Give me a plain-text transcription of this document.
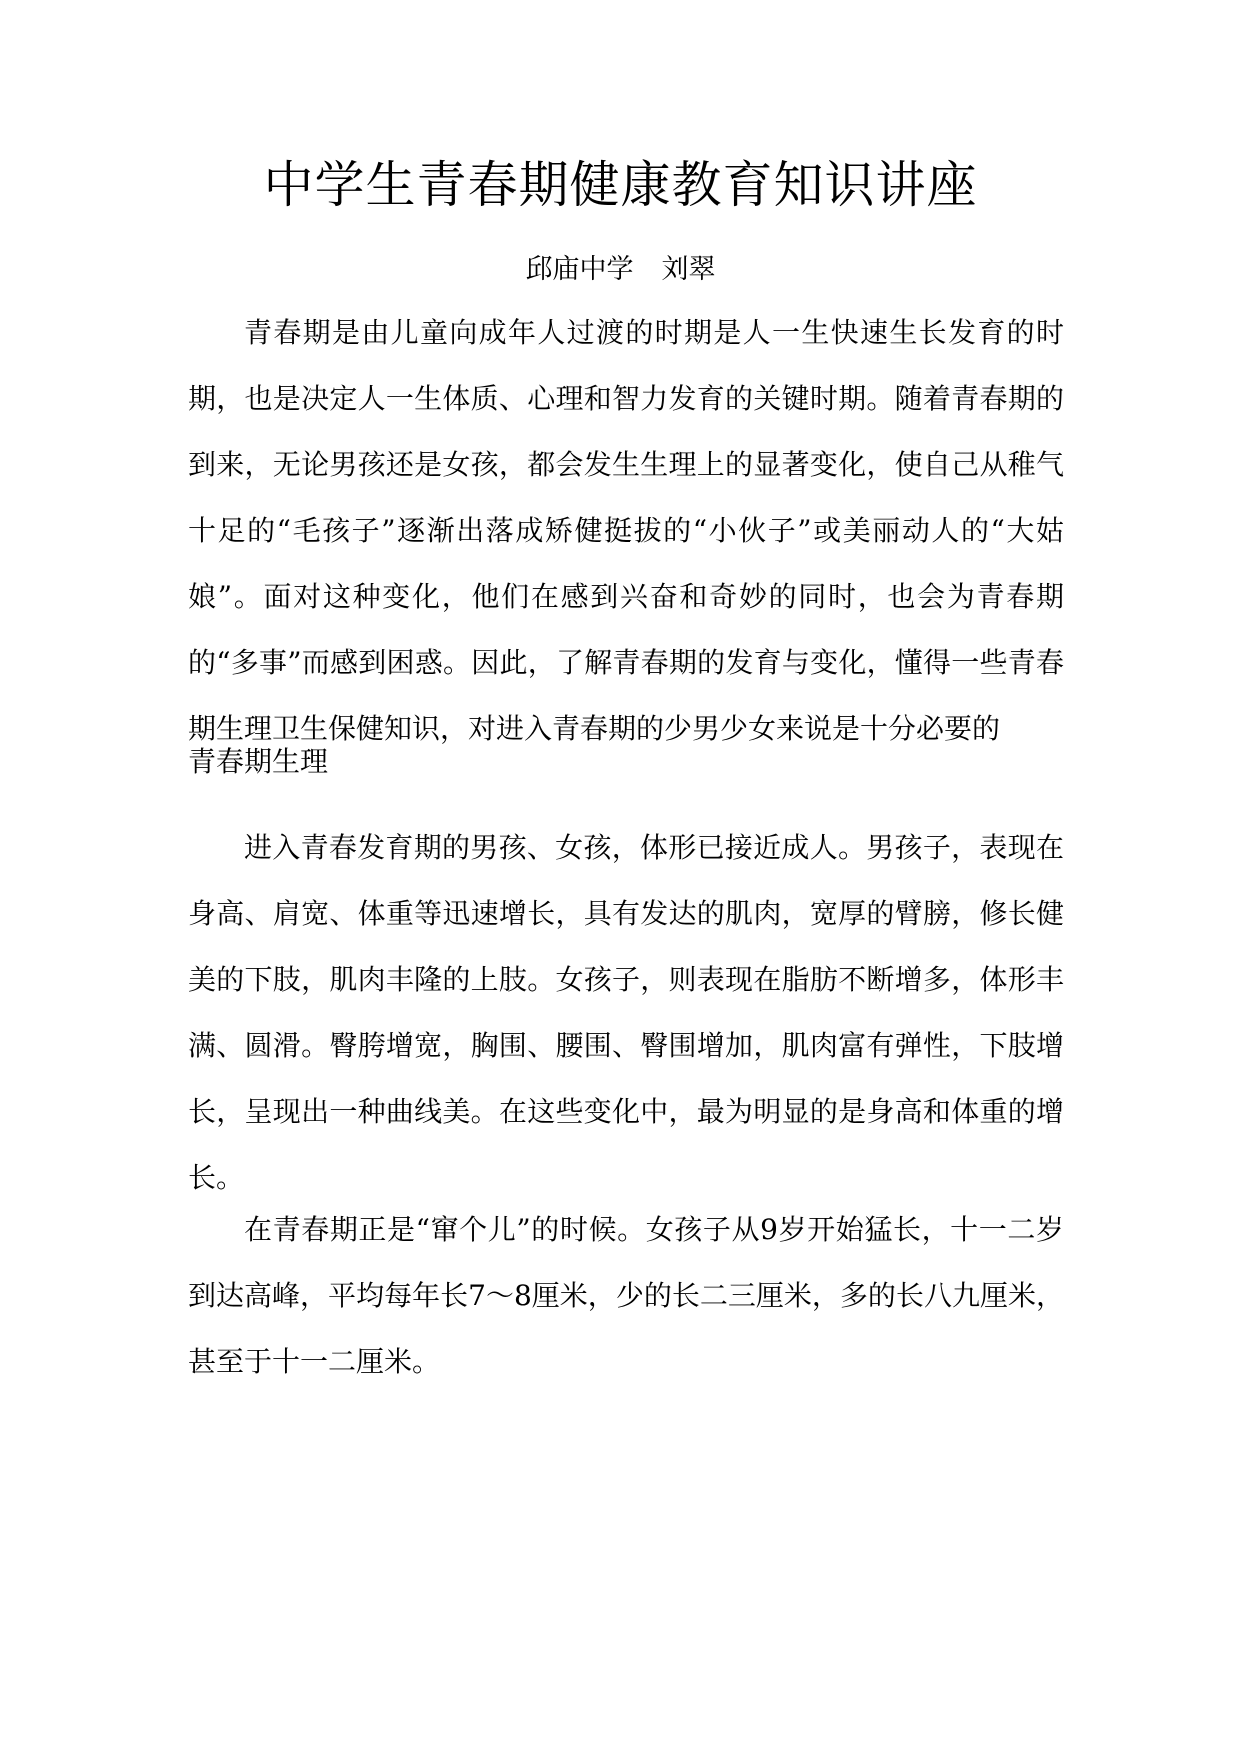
中学生青春期健康教育知识讲座

邱庙中学 刘翠

青春期是由儿童向成年人过渡的时期是人一生快速生长发育的时期，也是决定人一生体质、心理和智力发育的关键时期。随着青春期的到来，无论男孩还是女孩，都会发生生理上的显著变化，使自己从稚气十足的“毛孩子”逐渐出落成矫健挺拔的“小伙子”或美丽动人的“大姑娘”。面对这种变化，他们在感到兴奋和奇妙的同时，也会为青春期的“多事”而感到困惑。因此，了解青春期的发育与变化，懂得一些青春期生理卫生保健知识，对进入青春期的少男少女来说是十分必要的

青春期生理

进入青春发育期的男孩、女孩，体形已接近成人。男孩子，表现在身高、肩宽、体重等迅速增长，具有发达的肌肉，宽厚的臂膀，修长健美的下肢，肌肉丰隆的上肢。女孩子，则表现在脂肪不断增多，体形丰满、圆滑。臀胯增宽，胸围、腰围、臀围增加，肌肉富有弹性，下肢增长，呈现出一种曲线美。在这些变化中，最为明显的是身高和体重的增长。

在青春期正是“窜个儿”的时候。女孩子从9岁开始猛长，十一二岁到达高峰，平均每年长7～8厘米，少的长二三厘米，多的长八九厘米，甚至于十一二厘米。
